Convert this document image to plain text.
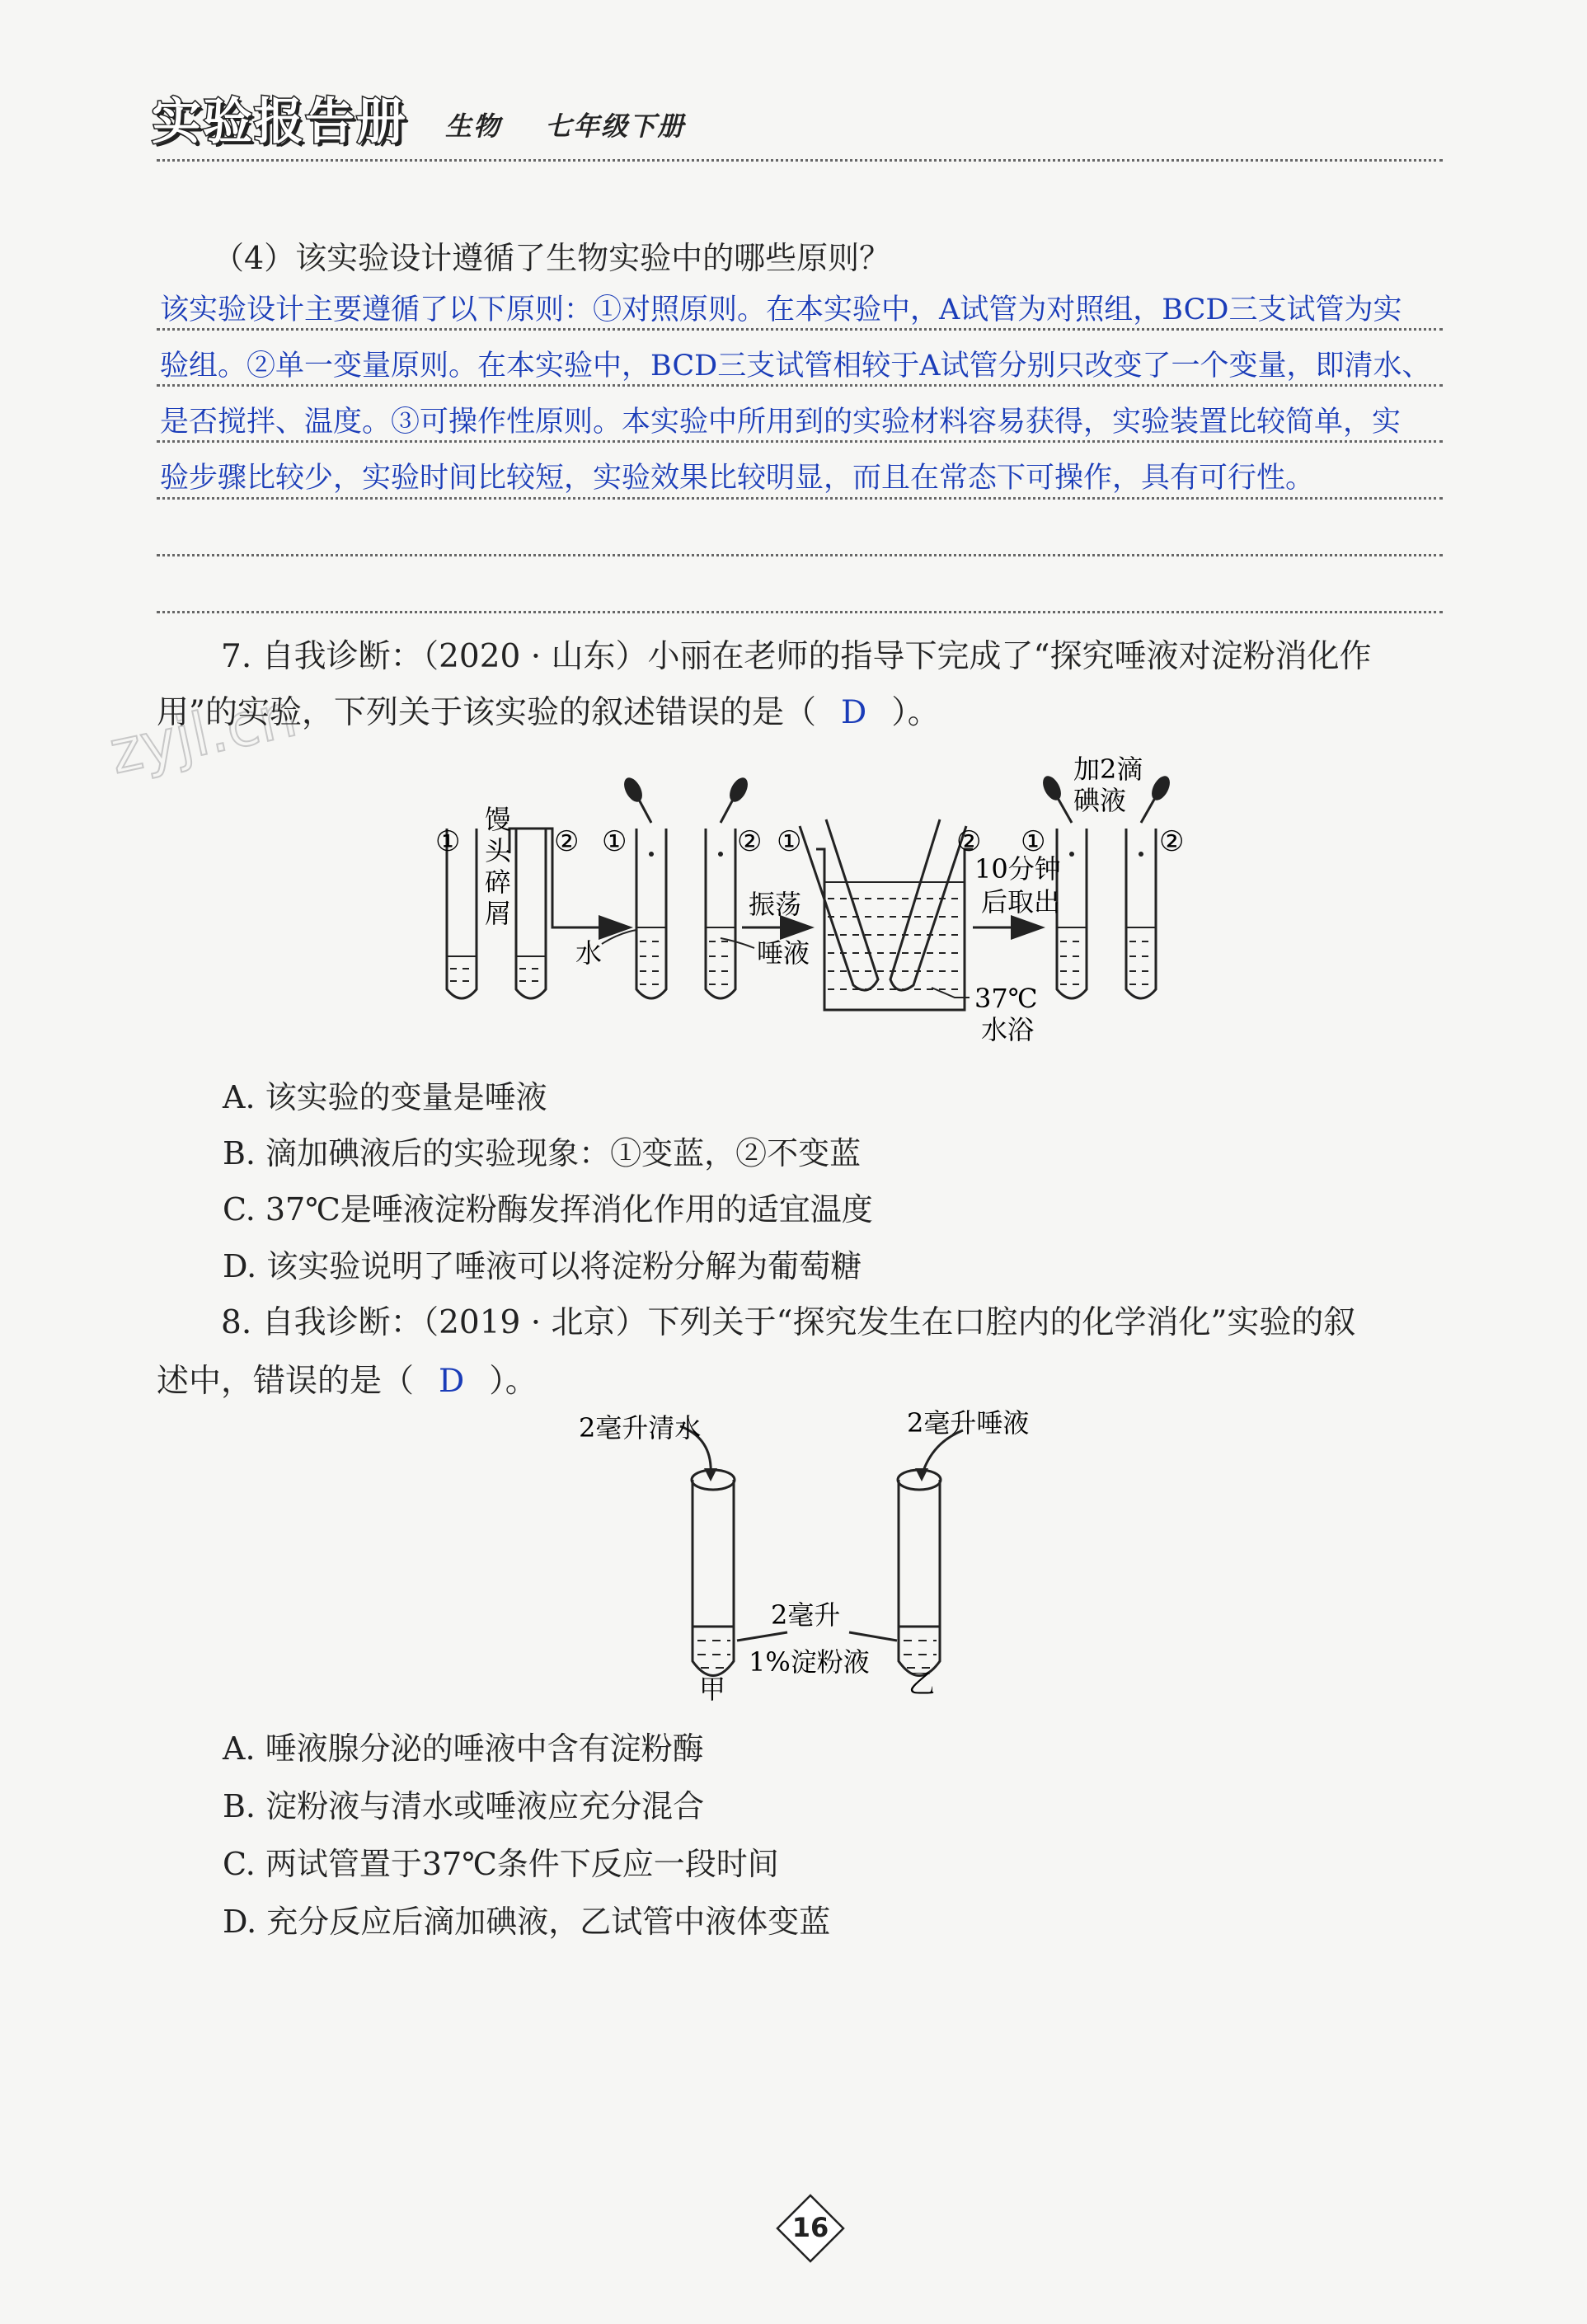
实验报告册 生物 七年级下册
（4）该实验设计遵循了生物实验中的哪些原则？
该实验设计主要遵循了以下原则：①对照原则。在本实验中，A试管为对照组，BCD三支试管为实
验组。②单一变量原则。在本实验中，BCD三支试管相较于A试管分别只改变了一个变量，即清水、
是否搅拌、温度。③可操作性原则。本实验中所用到的实验材料容易获得，实验装置比较简单，实
验步骤比较少，实验时间比较短，实验效果比较明显，而且在常态下可操作，具有可行性。
zyjl.cn
7. 自我诊断：（2020 · 山东）小丽在老师的指导下完成了“探究唾液对淀粉消化作
用”的实验，下列关于该实验的叙述错误的是（ D ）。
①	② ①	② ①	② ①	②
馒
头
碎
屑
水
振荡
唾液
10分钟
后取出
37℃
水浴
加2滴
碘液
A. 该实验的变量是唾液
B. 滴加碘液后的实验现象：①变蓝，②不变蓝
C. 37℃是唾液淀粉酶发挥消化作用的适宜温度
D. 该实验说明了唾液可以将淀粉分解为葡萄糖
8. 自我诊断：（2019 · 北京）下列关于“探究发生在口腔内的化学消化”实验的叙
述中，错误的是（ D ）。
2毫升清水	2毫升唾液
2毫升
1%淀粉液
甲	乙
A. 唾液腺分泌的唾液中含有淀粉酶
B. 淀粉液与清水或唾液应充分混合
C. 两试管置于37℃条件下反应一段时间
D. 充分反应后滴加碘液，乙试管中液体变蓝
16
